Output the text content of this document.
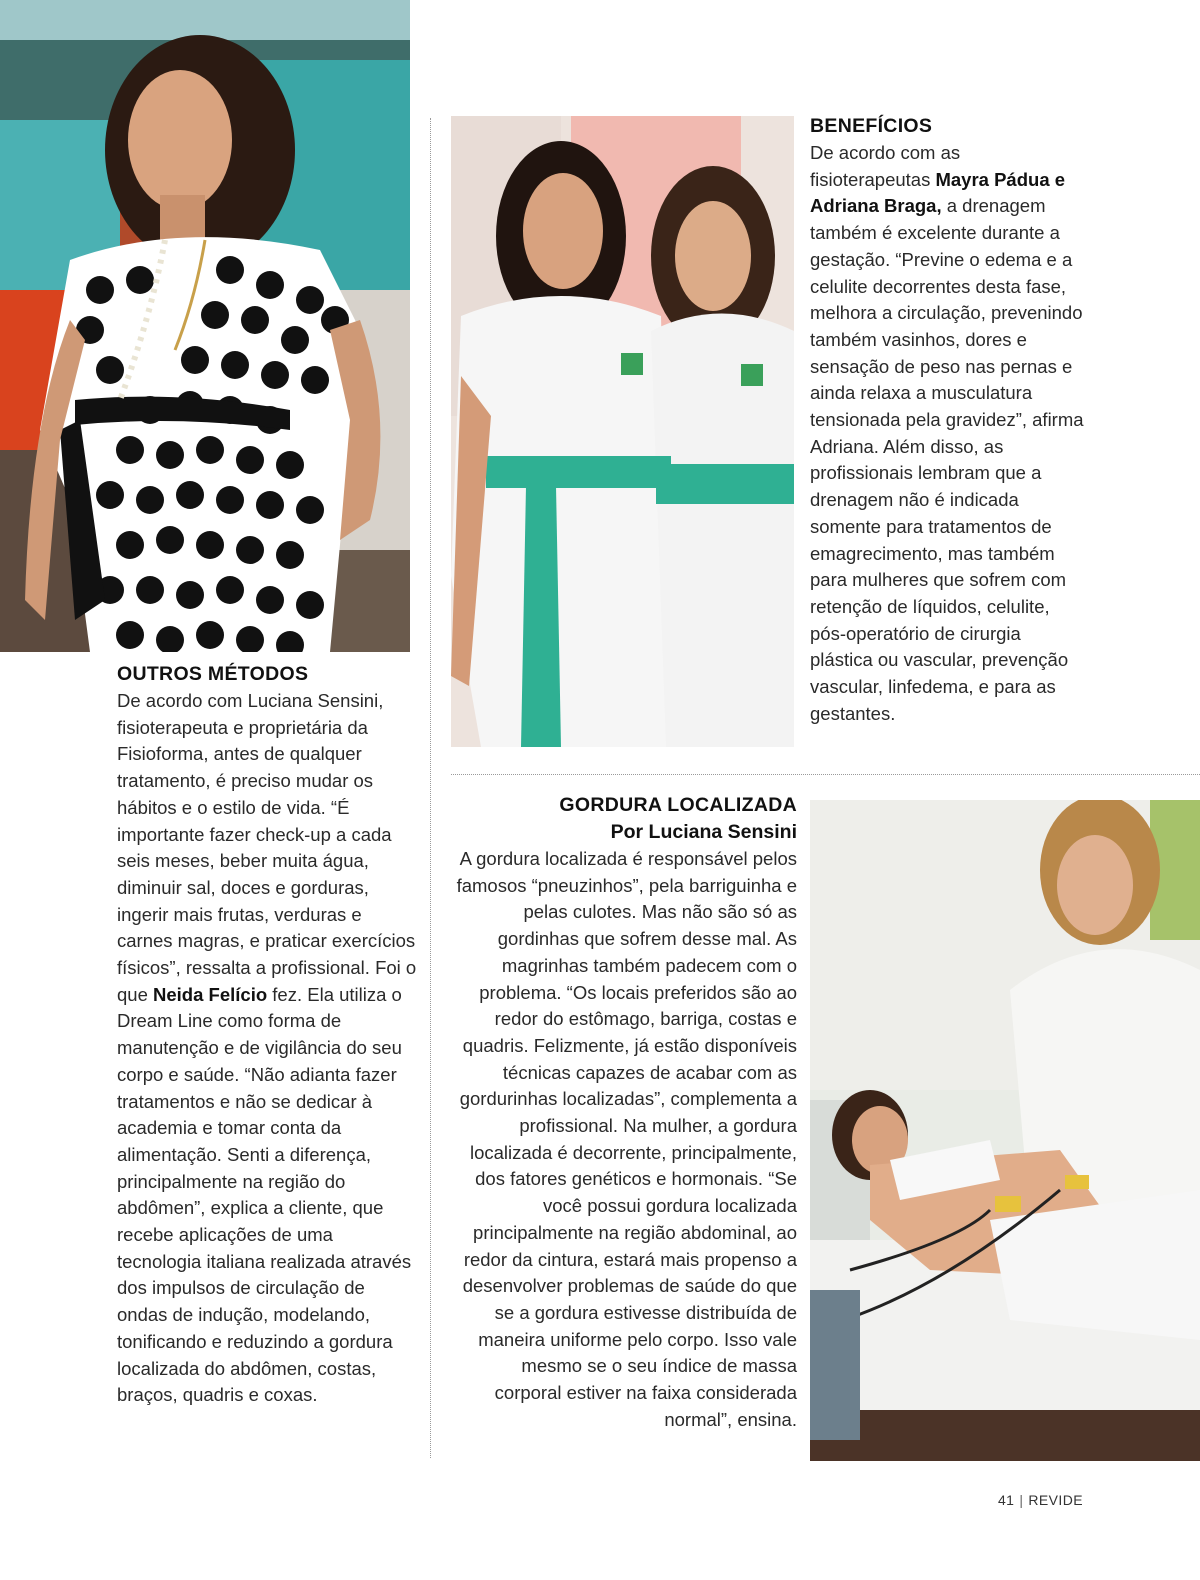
OUTROS MÉTODOS

De acordo com Luciana Sensini, fisioterapeuta e proprietária da Fisioforma, antes de qualquer tratamento, é preciso mudar os hábitos e o estilo de vida. “É importante fazer check-up a cada seis meses, beber muita água, diminuir sal, doces e gorduras, ingerir mais frutas, verduras e carnes magras, e praticar exercícios físicos”, ressalta a profissional. Foi o que Neida Felício fez. Ela utiliza o Dream Line como forma de manutenção e de vigilância do seu corpo e saúde. “Não adianta fazer tratamentos e não se dedicar à academia e tomar conta da alimentação. Senti a diferença, principalmente na região do abdômen”, explica a cliente, que recebe aplicações de uma tecnologia italiana realizada através dos impulsos de circulação de ondas de indução, modelando, tonificando e reduzindo a gordura localizada do abdômen, costas, braços, quadris e coxas.

BENEFÍCIOS

De acordo com as fisioterapeutas Mayra Pádua e Adriana Braga, a drenagem também é excelente durante a gestação. “Previne o edema e a celulite decorrentes desta fase, melhora a circulação, prevenindo também vasinhos, dores e sensação de peso nas pernas e ainda relaxa a musculatura tensionada pela gravidez”, afirma Adriana. Além disso, as profissionais lembram que a drenagem não é indicada somente para tratamentos de emagrecimento, mas também para mulheres que sofrem com retenção de líquidos, celulite, pós-operatório de cirurgia plástica ou vascular, prevenção vascular, linfedema, e para as gestantes.

GORDURA LOCALIZADA
Por Luciana Sensini

A gordura localizada é responsável pelos famosos “pneuzinhos”, pela barriguinha e pelas culotes. Mas não são só as gordinhas que sofrem desse mal. As magrinhas também padecem com o problema. “Os locais preferidos são ao redor do estômago, barriga, costas e quadris. Felizmente, já estão disponíveis técnicas capazes de acabar com as gordurinhas localizadas”, complementa a profissional. Na mulher, a gordura localizada é decorrente, principalmente, dos fatores genéticos e hormonais. “Se você possui gordura localizada principalmente na região abdominal, ao redor da cintura, estará mais propenso a desenvolver problemas de saúde do que se a gordura estivesse distribuída de maneira uniforme pelo corpo. Isso vale mesmo se o seu índice de massa corporal estiver na faixa considerada normal”, ensina.

41 | REVIDE
